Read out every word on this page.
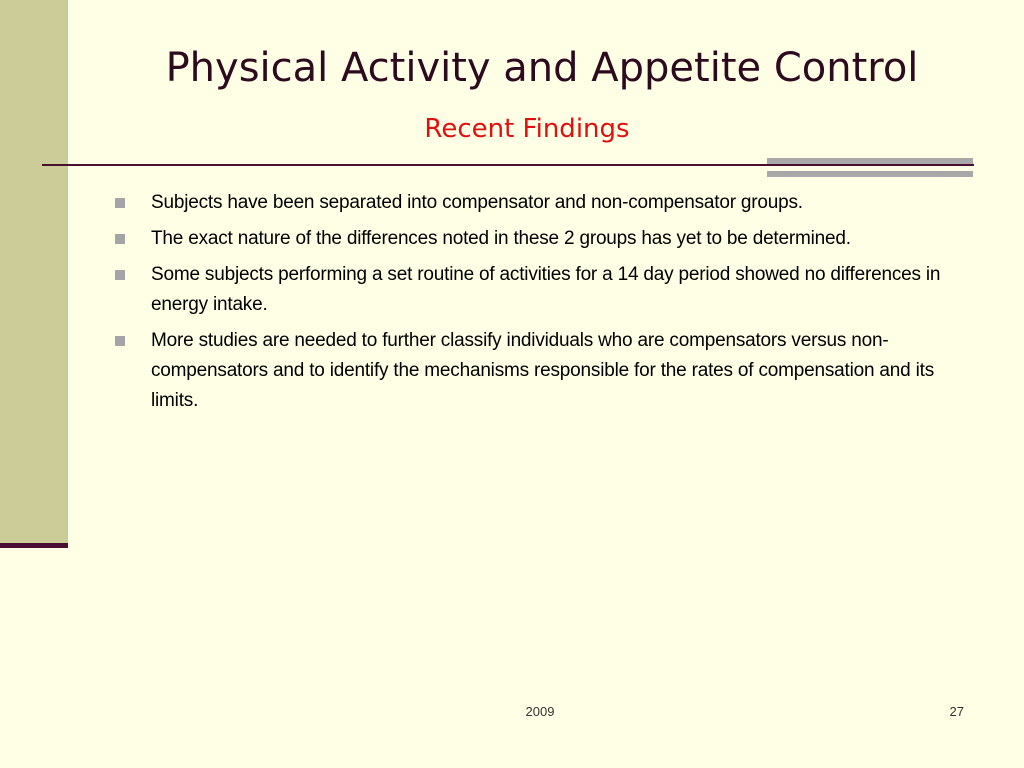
Physical Activity and Appetite Control
Recent Findings
Subjects have been separated into compensator and non-compensator groups.
The exact nature of the differences noted in these 2 groups has yet to be determined.
Some subjects performing a set routine of activities for a 14 day period showed no differences in energy intake.
More studies are needed to further classify individuals who are compensators versus non-compensators and to identify the mechanisms responsible for the rates of compensation and its limits.
2009	27
